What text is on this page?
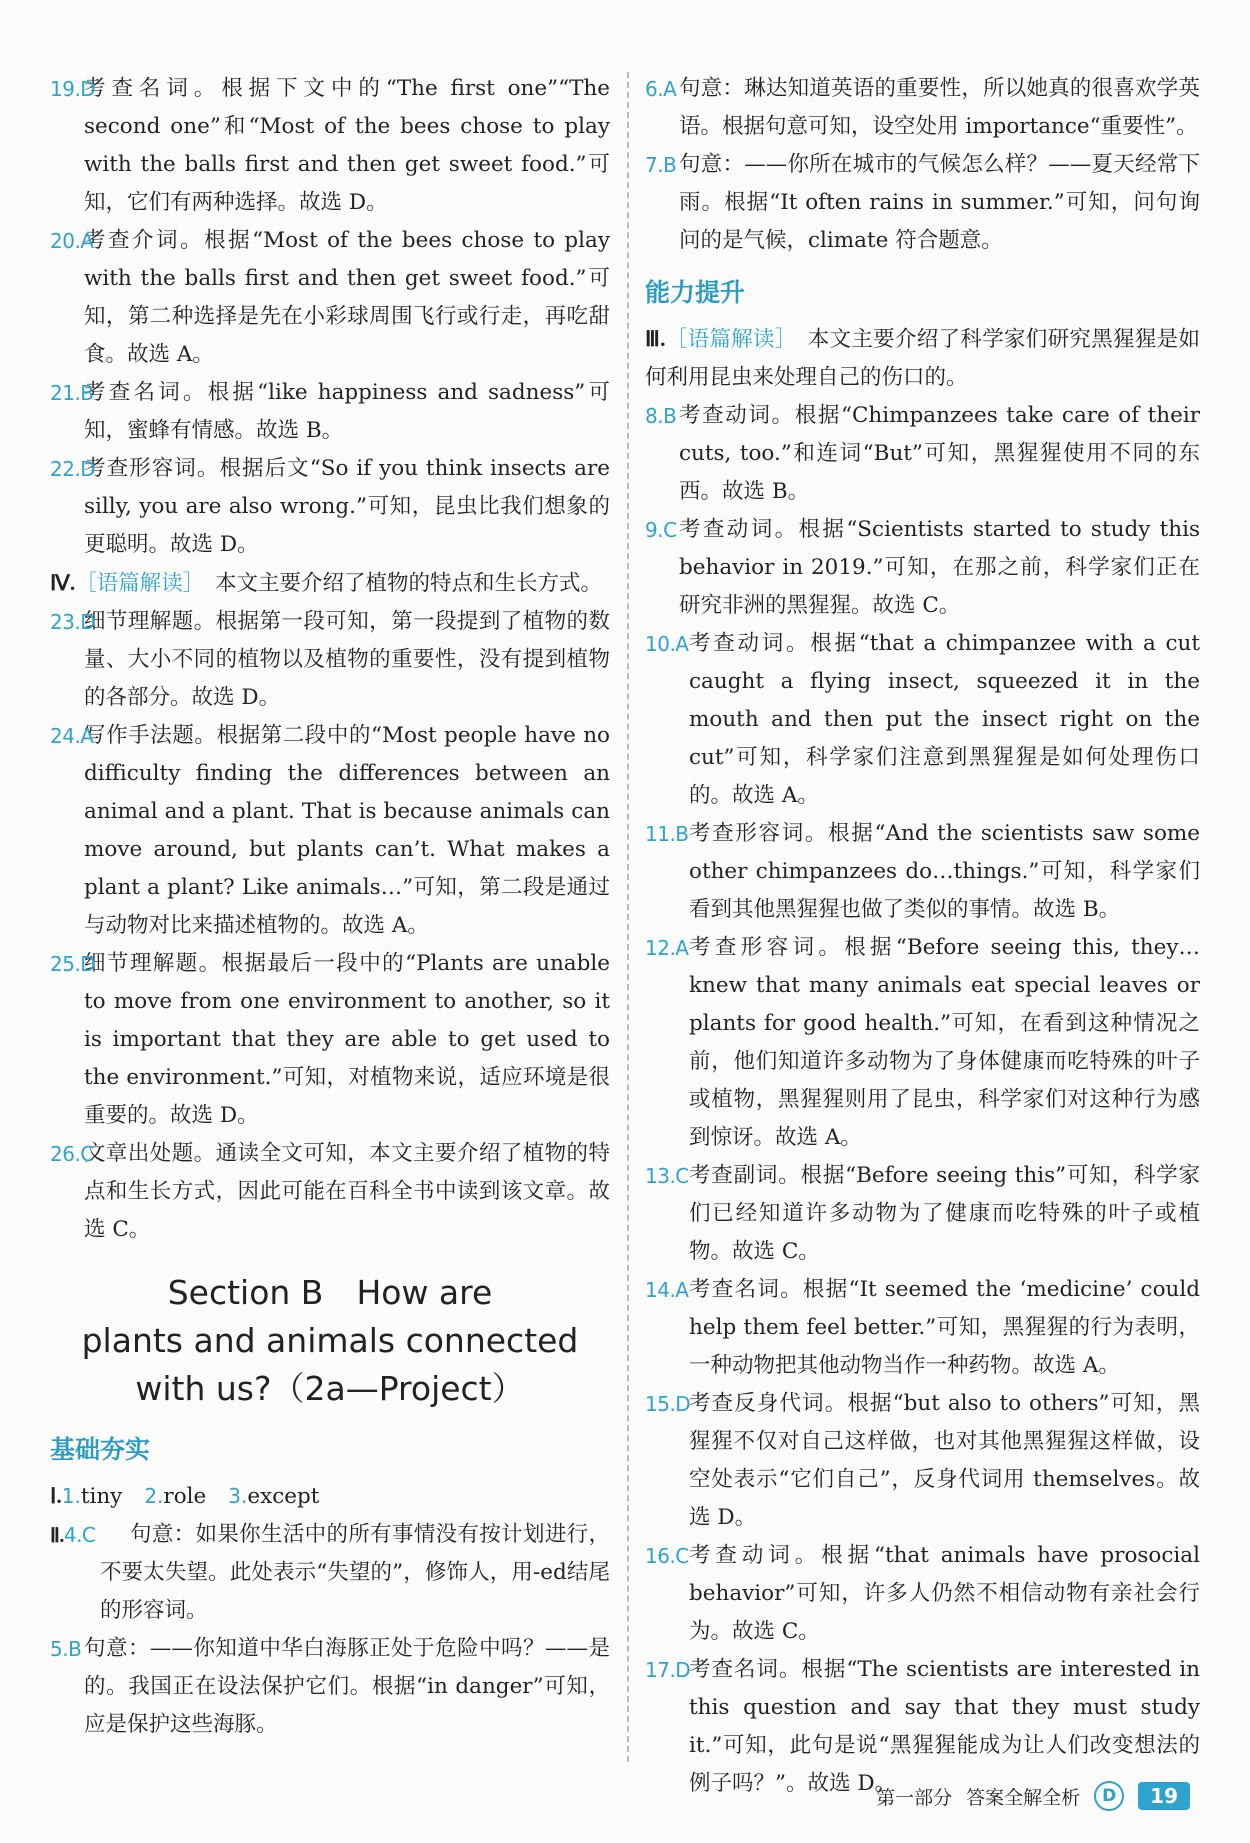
19.D
考查名词。根据下文中的“The first one”“The second one”和“Most of the bees chose to play with the balls first and then get sweet food.”可知，它们有两种选择。故选 D。
20.A
考查介词。根据“Most of the bees chose to play with the balls first and then get sweet food.”可知，第二种选择是先在小彩球周围飞行或行走，再吃甜食。故选 A。
21.B
考查名词。根据“like happiness and sadness”可知，蜜蜂有情感。故选 B。
22.D
考查形容词。根据后文“So if you think insects are silly, you are also wrong.”可知，昆虫比我们想象的更聪明。故选 D。
Ⅳ.［语篇解读］　 本文主要介绍了植物的特点和生长方式。
23.D
细节理解题。根据第一段可知，第一段提到了植物的数量、大小不同的植物以及植物的重要性，没有提到植物的各部分。故选 D。
24.A
写作手法题。根据第二段中的“Most people have no difficulty finding the differences between an animal and a plant. That is because animals can move around, but plants can’t. What makes a plant a plant? Like animals…”可知，第二段是通过与动物对比来描述植物的。故选 A。
25.D
细节理解题。根据最后一段中的“Plants are unable to move from one environment to another, so it is important that they are able to get used to the environment.”可知，对植物来说，适应环境是很重要的。故选 D。
26.C
文章出处题。通读全文可知，本文主要介绍了植物的特点和生长方式，因此可能在百科全书中读到该文章。故选 C。
Section B　How are
plants and animals connected
with us?（2a—Project）
基础夯实
Ⅰ.1.tiny 2.role 3.except
Ⅱ.4.C 句意：如果你生活中的所有事情没有按计划进行，不要太失望。此处表示“失望的”，修饰人，用-ed结尾的形容词。
5.B 句意：——你知道中华白海豚正处于危险中吗？——是的。我国正在设法保护它们。根据“in danger”可知，应是保护这些海豚。
6.A 句意：琳达知道英语的重要性，所以她真的很喜欢学英语。根据句意可知，设空处用 importance“重要性”。
7.B 句意：——你所在城市的气候怎么样？——夏天经常下雨。根据“It often rains in summer.”可知，问句询问的是气候，climate 符合题意。
能力提升
Ⅲ.［语篇解读］　 本文主要介绍了科学家们研究黑猩猩是如何利用昆虫来处理自己的伤口的。
8.B 考查动词。根据“Chimpanzees take care of their cuts, too.”和连词“But”可知，黑猩猩使用不同的东西。故选 B。
9.C 考查动词。根据“Scientists started to study this behavior in 2019.”可知，在那之前，科学家们正在研究非洲的黑猩猩。故选 C。
10.A 考查动词。根据“that a chimpanzee with a cut caught a flying insect, squeezed it in the mouth and then put the insect right on the cut”可知，科学家们注意到黑猩猩是如何处理伤口的。故选 A。
11.B 考查形容词。根据“And the scientists saw some other chimpanzees do…things.”可知，科学家们看到其他黑猩猩也做了类似的事情。故选 B。
12.A 考查形容词。根据“Before seeing this, they…knew that many animals eat special leaves or plants for good health.”可知，在看到这种情况之前，他们知道许多动物为了身体健康而吃特殊的叶子或植物，黑猩猩则用了昆虫，科学家们对这种行为感到惊讶。故选 A。
13.C 考查副词。根据“Before seeing this”可知，科学家们已经知道许多动物为了健康而吃特殊的叶子或植物。故选 C。
14.A 考查名词。根据“It seemed the ‘medicine’ could help them feel better.”可知，黑猩猩的行为表明，一种动物把其他动物当作一种药物。故选 A。
15.D
考查反身代词。根据“but also to others”可知，黑猩猩不仅对自己这样做，也对其他黑猩猩这样做，设空处表示“它们自己”，反身代词用 themselves。故选 D。
16.C 考查动词。根据“that animals have prosocial behavior”可知，许多人仍然不相信动物有亲社会行为。故选 C。
17.D
考查名词。根据“The scientists are interested in this question and say that they must study it.”可知，此句是说“黑猩猩能成为让人们改变想法的例子吗？”。故选 D。
第一部分 答案全解全析	D	19
